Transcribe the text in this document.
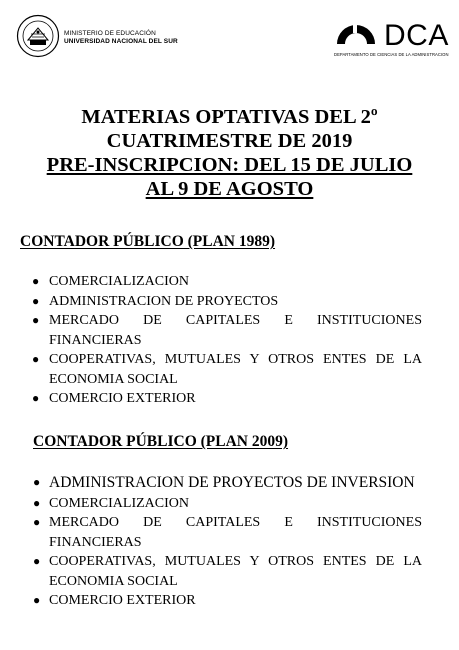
MINISTERIO DE EDUCACIÓN
UNIVERSIDAD NACIONAL DEL SUR	DCA
DEPARTAMENTO DE CIENCIAS DE LA ADMINISTRACION
MATERIAS OPTATIVAS DEL 2º
CUATRIMESTRE DE 2019
PRE-INSCRIPCION: DEL 15 DE JULIO
AL 9 DE AGOSTO
CONTADOR PÚBLICO (PLAN 1989)
● COMERCIALIZACION
● ADMINISTRACION DE PROYECTOS
● MERCADO DE CAPITALES E INSTITUCIONES FINANCIERAS
● COOPERATIVAS, MUTUALES Y OTROS ENTES DE LA ECONOMIA SOCIAL
● COMERCIO EXTERIOR
CONTADOR PÚBLICO (PLAN 2009)
● ADMINISTRACION DE PROYECTOS DE INVERSION
● COMERCIALIZACION
● MERCADO DE CAPITALES E INSTITUCIONES FINANCIERAS
● COOPERATIVAS, MUTUALES Y OTROS ENTES DE LA ECONOMIA SOCIAL
● COMERCIO EXTERIOR
